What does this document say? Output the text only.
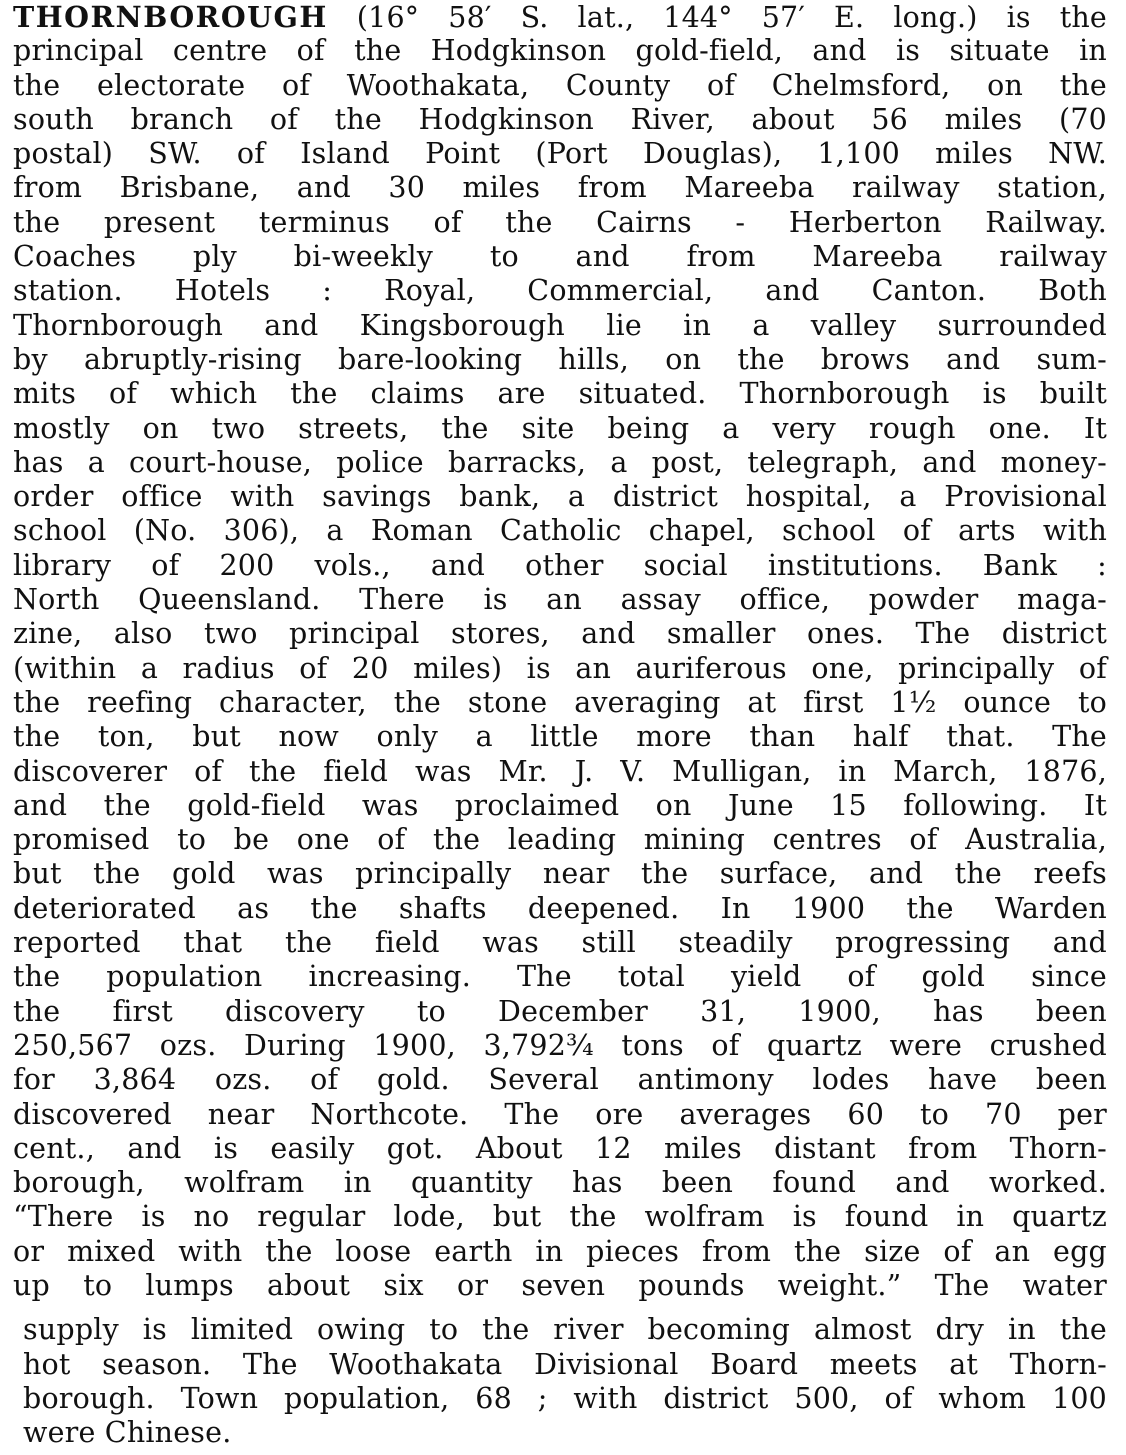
THORNBOROUGH (16° 58′ S. lat., 144° 57′ E. long.) is the
principal centre of the Hodgkinson gold-field, and is situate in
the electorate of Woothakata, County of Chelmsford, on the
south branch of the Hodgkinson River, about 56 miles (70
postal) SW. of Island Point (Port Douglas), 1,100 miles NW.
from Brisbane, and 30 miles from Mareeba railway station,
the present terminus of the Cairns - Herberton Railway.
Coaches ply bi-weekly to and from Mareeba railway
station. Hotels : Royal, Commercial, and Canton. Both
Thornborough and Kingsborough lie in a valley surrounded
by abruptly-rising bare-looking hills, on the brows and sum-
mits of which the claims are situated. Thornborough is built
mostly on two streets, the site being a very rough one. It
has a court-house, police barracks, a post, telegraph, and money-
order office with savings bank, a district hospital, a Provisional
school (No. 306), a Roman Catholic chapel, school of arts with
library of 200 vols., and other social institutions. Bank :
North Queensland. There is an assay office, powder maga-
zine, also two principal stores, and smaller ones. The district
(within a radius of 20 miles) is an auriferous one, principally of
the reefing character, the stone averaging at first 1½ ounce to
the ton, but now only a little more than half that. The
discoverer of the field was Mr. J. V. Mulligan, in March, 1876,
and the gold-field was proclaimed on June 15 following. It
promised to be one of the leading mining centres of Australia,
but the gold was principally near the surface, and the reefs
deteriorated as the shafts deepened. In 1900 the Warden
reported that the field was still steadily progressing and
the population increasing. The total yield of gold since
the first discovery to December 31, 1900, has been
250,567 ozs. During 1900, 3,792¾ tons of quartz were crushed
for 3,864 ozs. of gold. Several antimony lodes have been
discovered near Northcote. The ore averages 60 to 70 per
cent., and is easily got. About 12 miles distant from Thorn-
borough, wolfram in quantity has been found and worked.
“There is no regular lode, but the wolfram is found in quartz
or mixed with the loose earth in pieces from the size of an egg
up to lumps about six or seven pounds weight.” The water
supply is limited owing to the river becoming almost dry in the
hot season. The Woothakata Divisional Board meets at Thorn-
borough. Town population, 68 ; with district 500, of whom 100
were Chinese.
